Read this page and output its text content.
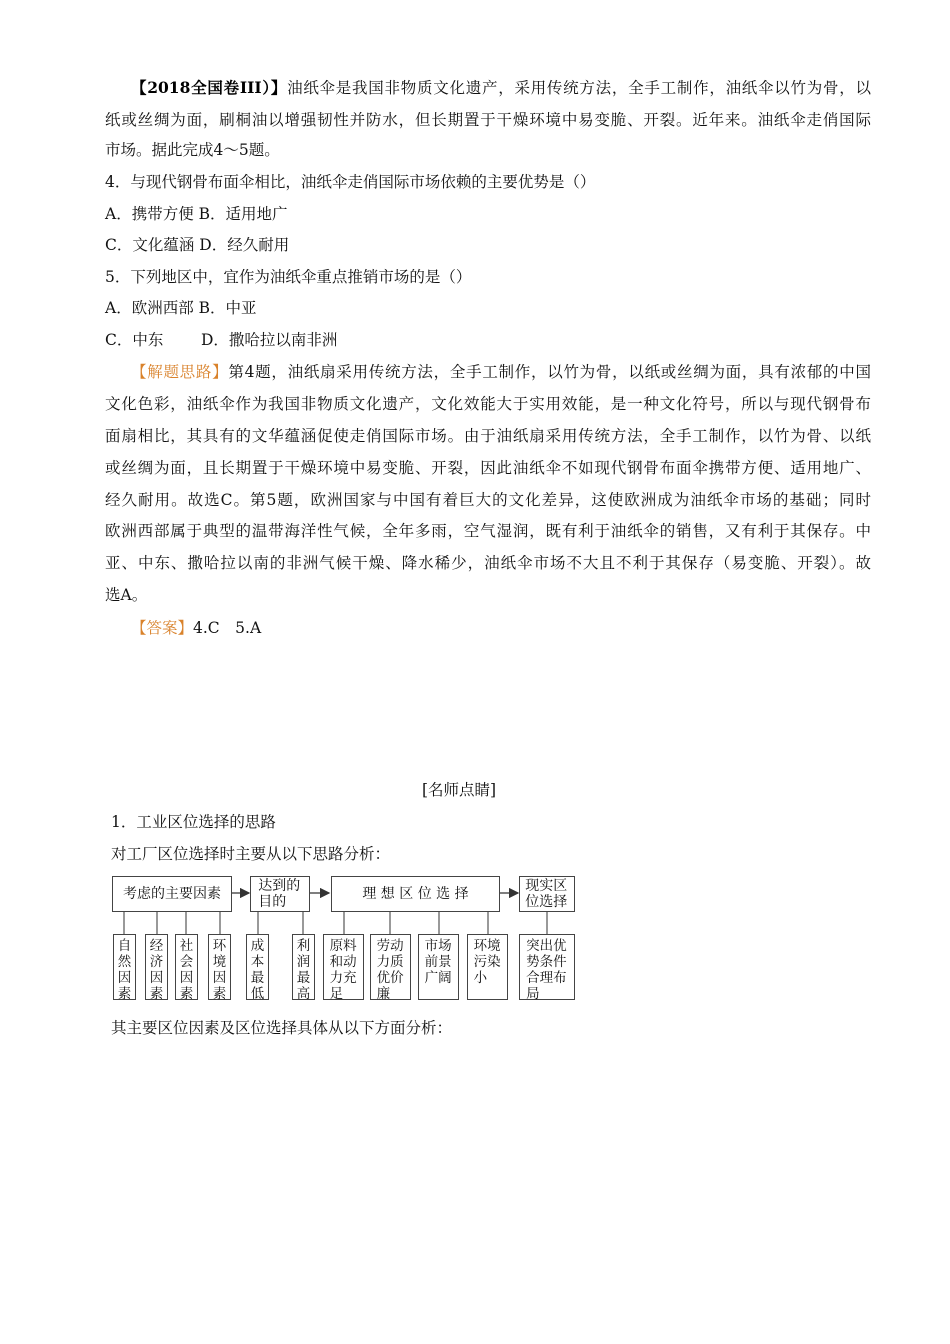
【2018全国卷III）】油纸伞是我国非物质文化遗产，采用传统方法，全手工制作，油纸伞以竹为骨，以
纸或丝绸为面，刷桐油以增强韧性并防水，但长期置于干燥环境中易变脆、开裂。近年来。油纸伞走俏国际
市场。据此完成4～5题。
4．与现代钢骨布面伞相比，油纸伞走俏国际市场依赖的主要优势是（）
A．携带方便 B．适用地广
C．文化蕴涵 D．经久耐用
5．下列地区中，宜作为油纸伞重点推销市场的是（）
A．欧洲西部 B．中亚
C．中东 D．撒哈拉以南非洲
【解题思路】第4题，油纸扇采用传统方法，全手工制作，以竹为骨，以纸或丝绸为面，具有浓郁的中国
文化色彩，油纸伞作为我国非物质文化遗产，文化效能大于实用效能，是一种文化符号，所以与现代钢骨布
面扇相比，其具有的文华蕴涵促使走俏国际市场。由于油纸扇采用传统方法，全手工制作，以竹为骨、以纸
或丝绸为面，且长期置于干燥环境中易变脆、开裂，因此油纸伞不如现代钢骨布面伞携带方便、适用地广、
经久耐用。故选C。第5题，欧洲国家与中国有着巨大的文化差异，这使欧洲成为油纸伞市场的基础；同时
欧洲西部属于典型的温带海洋性气候，全年多雨，空气湿润，既有利于油纸伞的销售，又有利于其保存。中
亚、中东、撒哈拉以南的非洲气候干燥、降水稀少，油纸伞市场不大且不利于其保存（易变脆、开裂）。故
选A。
【答案】4.C　5.A
[名师点睛]
1．工业区位选择的思路
对工厂区位选择时主要从以下思路分析：
考虑的主要因素	达到的目的
理 想 区 位 选 择	现实区位选择
自然因素
经济因素
社会因素
环境因素
成本最低
利润最高
原料和动力充足
劳动力质优价廉
市场前景广阔
环境污染小
突出优势条件合理布局
其主要区位因素及区位选择具体从以下方面分析：
